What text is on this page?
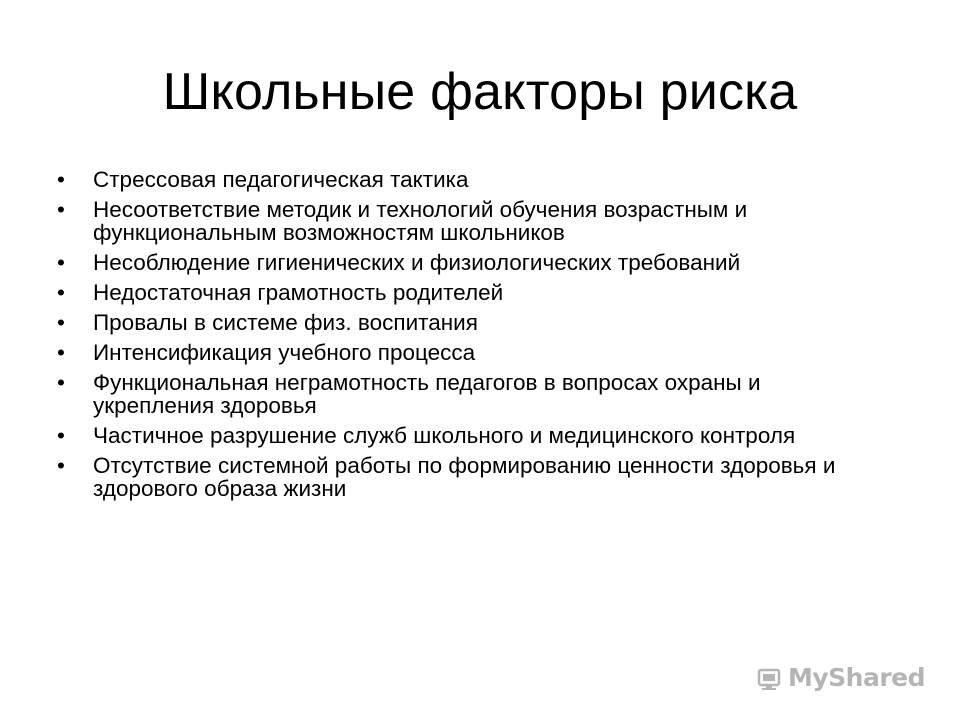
Школьные факторы риска
•	Стрессовая педагогическая тактика
•	Несоответствие методик и технологий обучения возрастным и функциональным возможностям школьников
•	Несоблюдение гигиенических и физиологических требований
•	Недостаточная грамотность родителей
•	Провалы в системе физ. воспитания
•	Интенсификация учебного процесса
•	Функциональная неграмотность педагогов в вопросах охраны и укрепления здоровья
•	Частичное разрушение служб школьного и медицинского контроля
•	Отсутствие системной работы по формированию ценности здоровья и здорового образа жизни
MyShared
